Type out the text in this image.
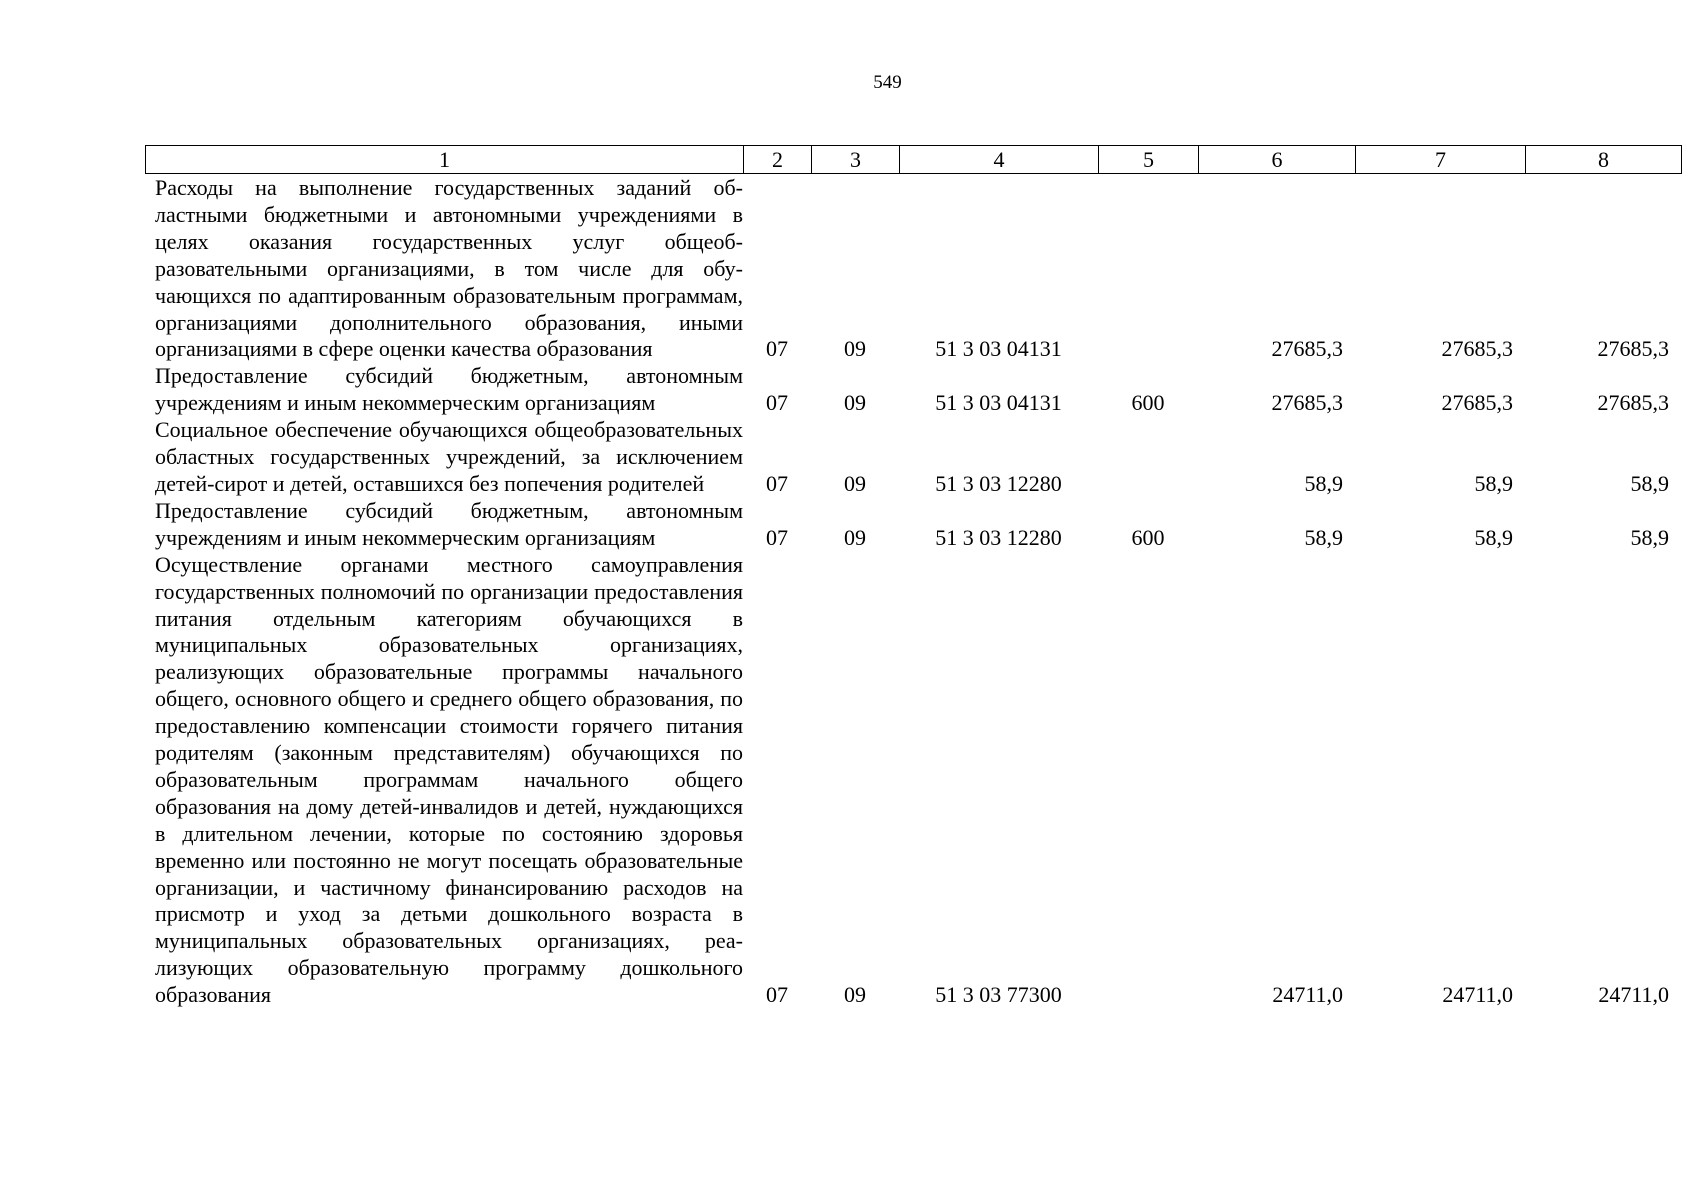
549
1	2	3	4	5	6	7	8
Расходы на выполнение государственных заданий областными бюджетными и автономными учреждениями в целях оказания государственных услуг общеобразовательными организациями, в том числе для обучающихся по адаптированным образовательным программам, организациями дополнительного образования, иными организациями в сфере оценки качества образования	07	09	51 3 03 04131		27685,3	27685,3	27685,3
Предоставление субсидий бюджетным, автономным учреждениям и иным некоммерческим организациям	07	09	51 3 03 04131	600	27685,3	27685,3	27685,3
Социальное обеспечение обучающихся общеобразовательных областных государственных учреждений, за исключением детей-сирот и детей, оставшихся без попечения родителей	07	09	51 3 03 12280		58,9	58,9	58,9
Предоставление субсидий бюджетным, автономным учреждениям и иным некоммерческим организациям	07	09	51 3 03 12280	600	58,9	58,9	58,9
Осуществление органами местного самоуправления государственных полномочий по организации предоставления питания отдельным категориям обучающихся в муниципальных образовательных организациях, реализующих образовательные программы начального общего, основного общего и среднего общего образования, по предоставлению компенсации стоимости горячего питания родителям (законным представителям) обучающихся по образовательным программам начального общего образования на дому детей-инвалидов и детей, нуждающихся в длительном лечении, которые по состоянию здоровья временно или постоянно не могут посещать образовательные организации, и частичному финансированию расходов на присмотр и уход за детьми дошкольного возраста в муниципальных образовательных организациях, реализующих образовательную программу дошкольного образования	07	09	51 3 03 77300		24711,0	24711,0	24711,0
